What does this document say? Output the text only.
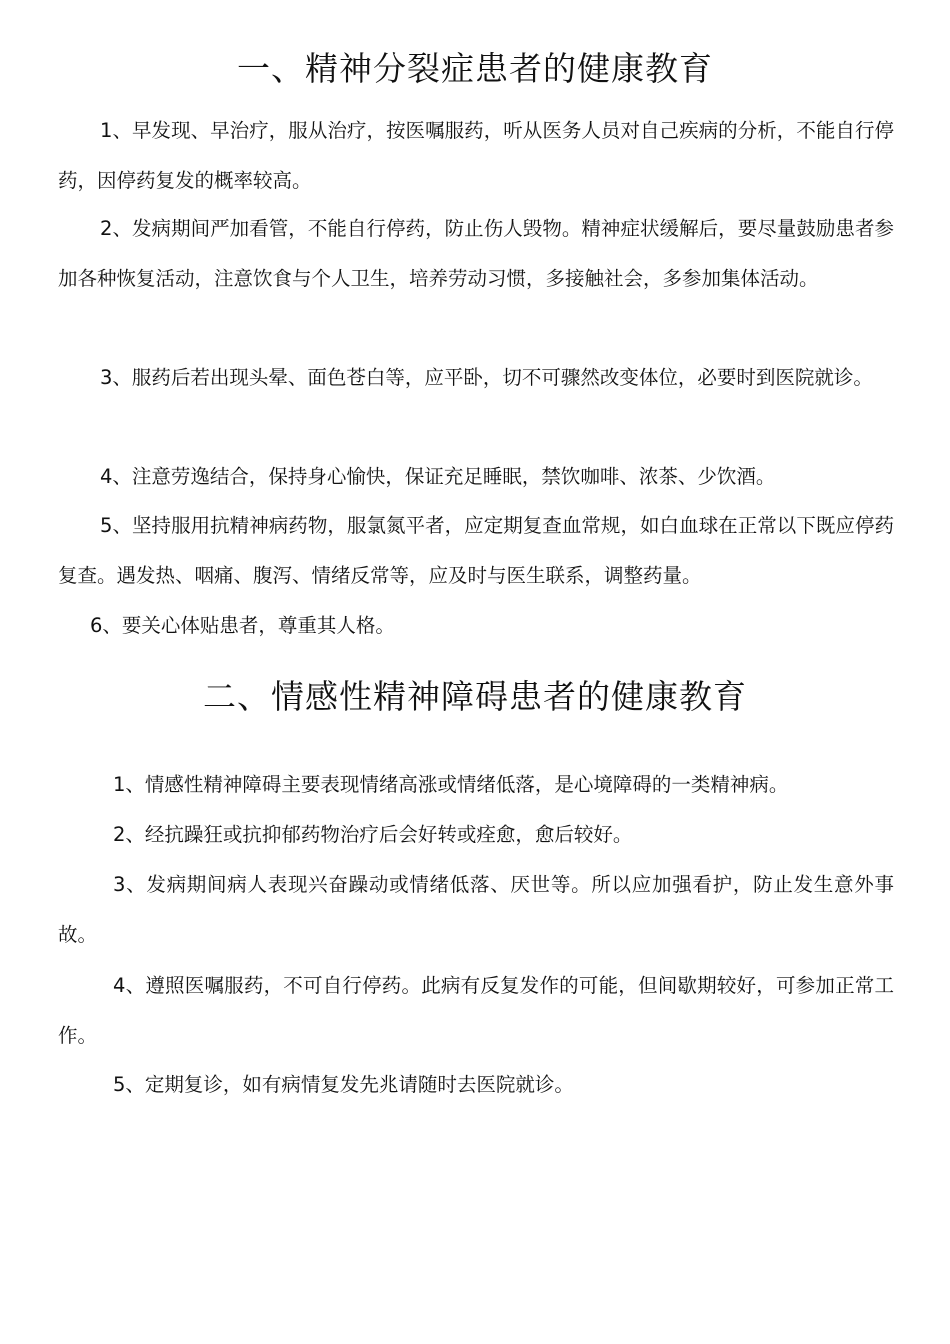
一、精神分裂症患者的健康教育

1、早发现、早治疗，服从治疗，按医嘱服药，听从医务人员对自己疾病的分析，不能自行停药，因停药复发的概率较高。

2、发病期间严加看管，不能自行停药，防止伤人毁物。精神症状缓解后，要尽量鼓励患者参加各种恢复活动，注意饮食与个人卫生，培养劳动习惯，多接触社会，多参加集体活动。

3、服药后若出现头晕、面色苍白等，应平卧，切不可骤然改变体位，必要时到医院就诊。

4、注意劳逸结合，保持身心愉快，保证充足睡眠，禁饮咖啡、浓茶、少饮酒。

5、坚持服用抗精神病药物，服氯氮平者，应定期复查血常规，如白血球在正常以下既应停药复查。遇发热、咽痛、腹泻、情绪反常等，应及时与医生联系，调整药量。

6、要关心体贴患者，尊重其人格。

二、情感性精神障碍患者的健康教育

1、情感性精神障碍主要表现情绪高涨或情绪低落，是心境障碍的一类精神病。

2、经抗躁狂或抗抑郁药物治疗后会好转或痊愈，愈后较好。

3、发病期间病人表现兴奋躁动或情绪低落、厌世等。所以应加强看护，防止发生意外事故。

4、遵照医嘱服药，不可自行停药。此病有反复发作的可能，但间歇期较好，可参加正常工作。

5、定期复诊，如有病情复发先兆请随时去医院就诊。
